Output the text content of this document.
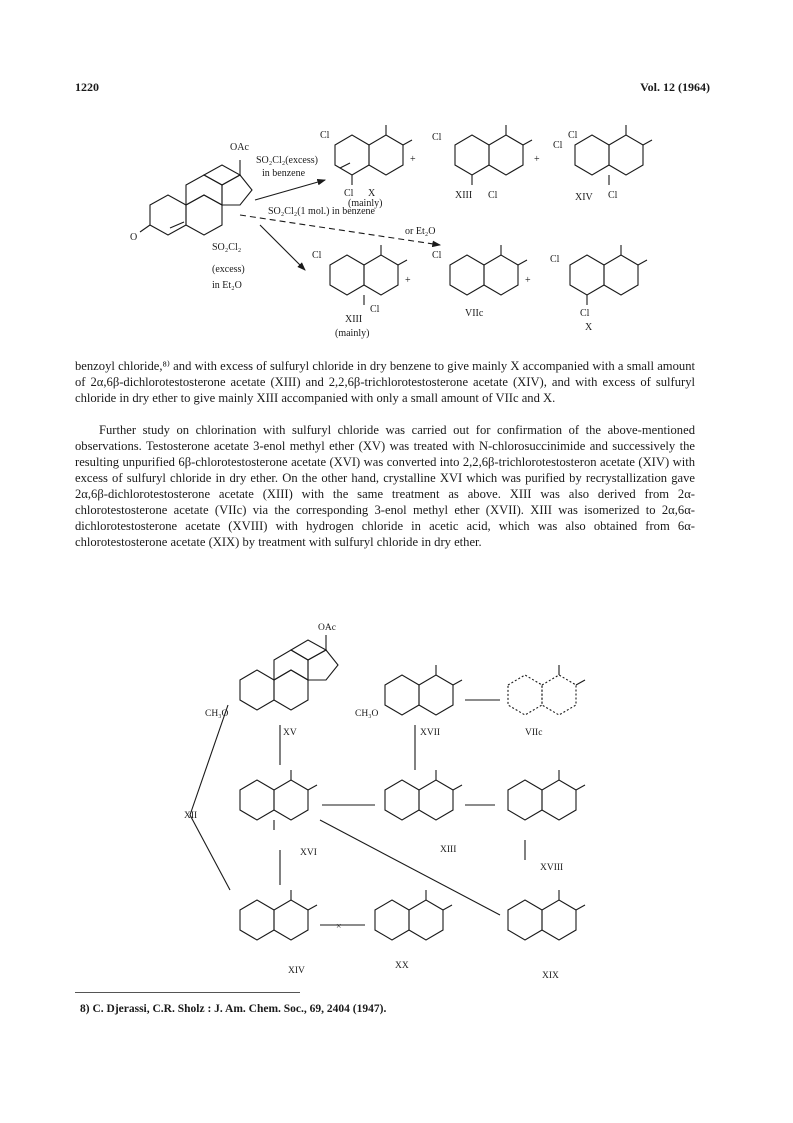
1220	Vol. 12 (1964)
OAc
O
SO₂Cl₂(excess)
in benzene
SO₂Cl₂(1 mol.) in benzene
or Et₂O
SO₂Cl₂
(excess)
in Et₂O
Cl
Cl X
(mainly)
+
Cl
Cl
XIII
+
Cl
Cl
Cl
XIV
Cl
Cl
XIII
(mainly)
+
Cl
VIIc
+
Cl
Cl
X

benzoyl chloride,⁸⁾ and with excess of sulfuryl chloride in dry benzene to give mainly X accompanied with a small amount of 2α,6β-dichlorotestosterone acetate (XIII) and 2,2,6β-trichlorotestosterone acetate (XIV), and with excess of sulfuryl chloride in dry ether to give mainly XIII accompanied with only a small amount of VIIc and X.

Further study on chlorination with sulfuryl chloride was carried out for confirmation of the above-mentioned observations. Testosterone acetate 3-enol methyl ether (XV) was treated with N-chlorosuccinimide and successively the resulting unpurified 6β-chlorotestosterone acetate (XVI) was converted into 2,2,6β-trichlorotestosteron acetate (XIV) with excess of sulfuryl chloride in dry ether. On the other hand, crystalline XVI which was purified by recrystallization gave 2α,6β-dichlorotestosterone acetate (XIII) with the same treatment as above. XIII was also derived from 2α-chlorotestosterone acetate (VIIc) via the corresponding 3-enol methyl ether (XVII). XIII was isomerized to 2α,6α-dichlorotestosterone acetate (XVIII) with hydrogen chloride in acetic acid, which was also obtained from 6α-chlorotestosterone acetate (XIX) by treatment with sulfuryl chloride in dry ether.

OAc
CH₃O	CH₃O
XV	XVII	VIIc
XII
XVI	XIII
XVIII
XIV	XX
XIX
×
8) C. Djerassi, C.R. Sholz : J. Am. Chem. Soc., 69, 2404 (1947).
